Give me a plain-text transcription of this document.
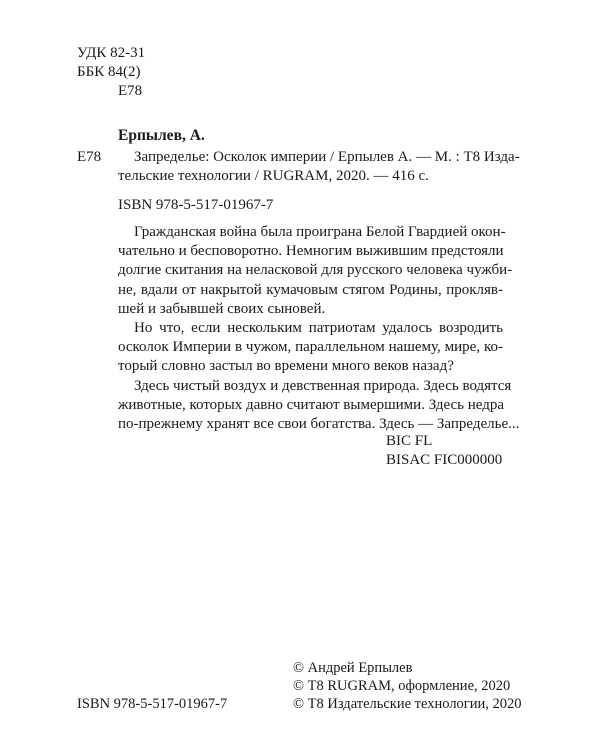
УДК 82-31
ББК 84(2)
Е78
Ерпылев, А.
Е78 Запределье: Осколок империи / Ерпылев А. — М. : Т8 Изда-
тельские технологии / RUGRAM, 2020. — 416 с.
ISBN 978-5-517-01967-7
Гражданская война была проиграна Белой Гвардией окон-
чательно и бесповоротно. Немногим выжившим предстояли
долгие скитания на неласковой для русского человека чужби-
не, вдали от накрытой кумачовым стягом Родины, прокляв-
шей и забывшей своих сыновей.
Но что, если нескольким патриотам удалось возродить
осколок Империи в чужом, параллельном нашему, мире, ко-
торый словно застыл во времени много веков назад?
Здесь чистый воздух и девственная природа. Здесь водятся
животные, которых давно считают вымершими. Здесь недра
по-прежнему хранят все свои богатства. Здесь — Запределье...
BIC FL
BISAC FIC000000
© Андрей Ерпылев
© Т8 RUGRAM, оформление, 2020
ISBN 978-5-517-01967-7	© Т8 Издательские технологии, 2020
